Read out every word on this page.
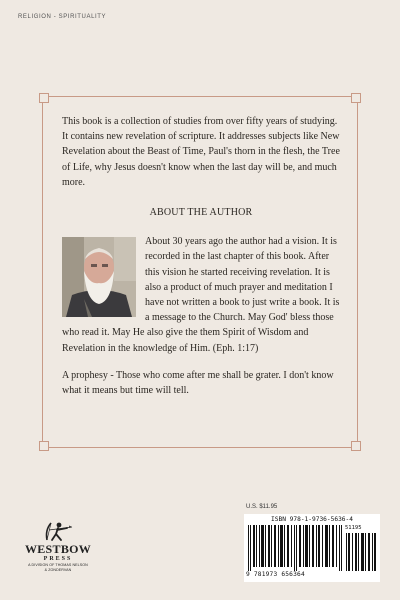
RELIGION - SPIRITUALITY

This book is a collection of studies from over fifty years of studying. It contains new revelation of scripture. It addresses subjects like New Revelation about the Beast of Time, Paul's thorn in the flesh, the Tree of Life, why Jesus doesn't know when the last day will be, and much more.

ABOUT THE AUTHOR

About 30 years ago the author had a vision. It is recorded in the last chapter of this book. After this vision he started receiving revelation. It is also a product of much prayer and meditation I have not written a book to just write a book. It is a message to the Church. May God' bless those who read it. May He also give the them Spirit of Wisdom and Revelation in the knowledge of Him. (Eph. 1:17)

A prophesy - Those who come after me shall be grater. I don't know what it means but time will tell.

U.S. $11.95
ISBN 978-1-9736-5636-4
51195
9 781973 656364
WESTBOW
PRESS
A DIVISION OF THOMAS NELSON
& ZONDERVAN
